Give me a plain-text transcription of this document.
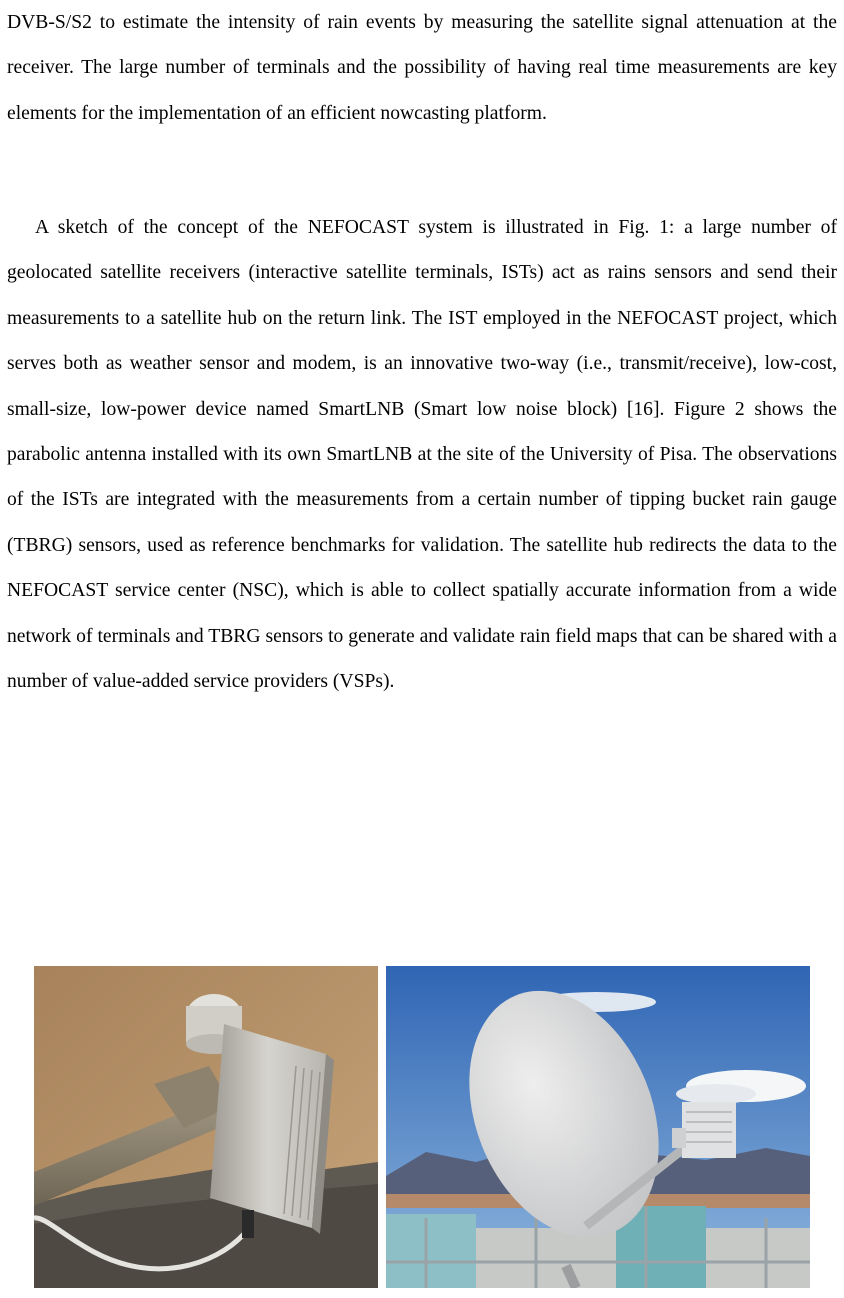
DVB-S/S2 to estimate the intensity of rain events by measuring the satellite signal attenuation at the receiver. The large number of terminals and the possibility of having real time measurements are key elements for the implementation of an efficient nowcasting platform.

A sketch of the concept of the NEFOCAST system is illustrated in Fig. 1: a large number of geolocated satellite receivers (interactive satellite terminals, ISTs) act as rains sensors and send their measurements to a satellite hub on the return link. The IST employed in the NEFOCAST project, which serves both as weather sensor and modem, is an innovative two-way (i.e., transmit/receive), low-cost, small-size, low-power device named SmartLNB (Smart low noise block) [16]. Figure 2 shows the parabolic antenna installed with its own SmartLNB at the site of the University of Pisa. The observations of the ISTs are integrated with the measurements from a certain number of tipping bucket rain gauge (TBRG) sensors, used as reference benchmarks for validation. The satellite hub redirects the data to the NEFOCAST service center (NSC), which is able to collect spatially accurate information from a wide network of terminals and TBRG sensors to generate and validate rain field maps that can be shared with a number of value-added service providers (VSPs).
